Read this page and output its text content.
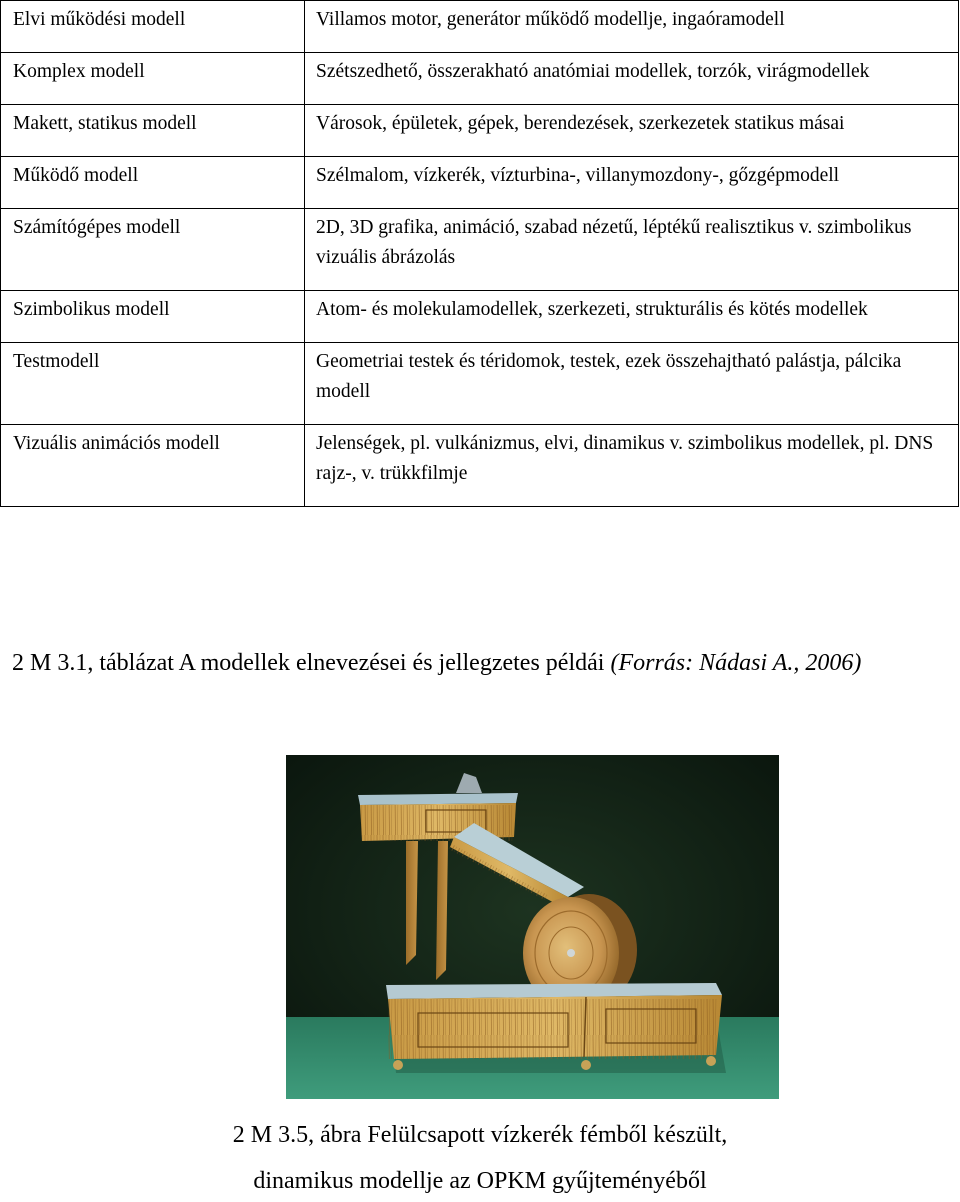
Elvi működési modell	Villamos motor, generátor működő modellje, ingaóramodell
Komplex modell	Szétszedhető, összerakható anatómiai modellek, torzók, virágmodellek
Makett, statikus modell	Városok, épületek, gépek, berendezések, szerkezetek statikus másai
Működő modell	Szélmalom, vízkerék, vízturbina-, villanymozdony-, gőzgépmodell
Számítógépes modell	2D, 3D grafika, animáció, szabad nézetű, léptékű realisztikus v. szimbolikus vizuális ábrázolás
Szimbolikus modell	Atom- és molekulamodellek, szerkezeti, strukturális és kötés modellek
Testmodell	Geometriai testek és téridomok, testek, ezek összehajtható palástja, pálcika modell
Vizuális animációs modell	Jelenségek, pl. vulkánizmus, elvi, dinamikus v. szimbolikus modellek, pl. DNS rajz-, v. trükkfilmje
2 M 3.1, táblázat A modellek elnevezései és jellegzetes példái (Forrás: Nádasi A., 2006)
2 M 3.5, ábra Felülcsapott vízkerék fémből készült,
dinamikus modellje az OPKM gyűjteményéből
